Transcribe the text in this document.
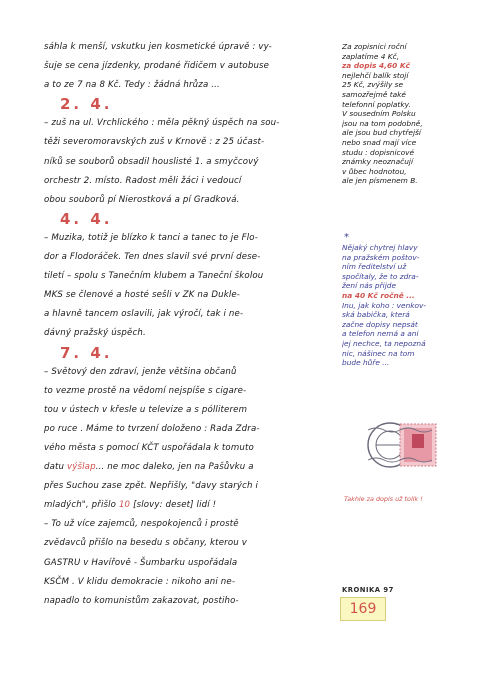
sáhla k menší, vskutku jen kosmetické úpravě : vy-
šuje se cena jízdenky, prodané řidičem v autobuse
a to ze 7 na 8 Kč. Tedy : žádná hrůza ...
2. 4.
– zuš na ul. Vrchlického : měla pěkný úspěch na sou-
těži severomoravských zuš v Krnově : z 25 účast-
níků se souborů obsadil houslisté 1. a smyčcový
orchestr 2. místo. Radost měli žáci i vedoucí
obou souborů pí Nierostková a pí Gradková.
4. 4.
– Muzika, totiž je blízko k tanci a tanec to je Flo-
dor a Flodoráček. Ten dnes slavil své první dese-
tiletí – spolu s Tanečním klubem a Taneční školou
MKS se členové a hosté sešli v ZK na Dukle-
a hlavně tancem oslavili, jak výročí, tak i ne-
dávný pražský úspěch.
7. 4.
– Světový den zdraví, jenže většina občanů
to vezme prostě na vědomí nejspíše s cigare-
tou v ústech v křesle u televize a s pólliterem
po ruce . Máme to tvrzení doloženo : Rada Zdra-
vého města s pomocí KČT uspořádala k tomuto
datu výšlap... ne moc daleko, jen na Pašůvku a
přes Suchou zase zpět. Nepřišly, "davy starých i
mladých", přišlo 10 [slovy: deset] lidí !
– To už více zajemců, nespokojenců i prostě
zvědavců přišlo na besedu s občany, kterou v
GASTRU v Havířově - Šumbarku uspořádala
KSČM . V klidu demokracie : nikoho ani ne-
napadlo to komunistům zakazovat, postiho-
Za zopisnici roční
zaplatíme 4 Kč,
za dopis 4,60 Kč
nejlehčí balík stojí
25 Kč, zvýšily se
samozřejmě také
telefonní poplatky.
V sousedním Polsku
jsou na tom podobně,
ale jsou bud chytřejší
nebo snad mají více
studu : dopisnicové
známky neoznačují
v ůbec hodnotou,
ale jen písmenem B.
*
Nějaký chytrej hlavy
na pražském poštov-
ním ředitelství už
spočítaly, že to zdra-
žení nás přijde
na 40 Kč ročně ...
Inu, jak koho : venkov-
ská babička, která
začne dopisy nepsát
a telefon nemá a ani
jej nechce, ta nepozná
nic, nášinec na tom
bude hůře ...
Takhle za dopis už tolik !
KRONIKA 97
169
